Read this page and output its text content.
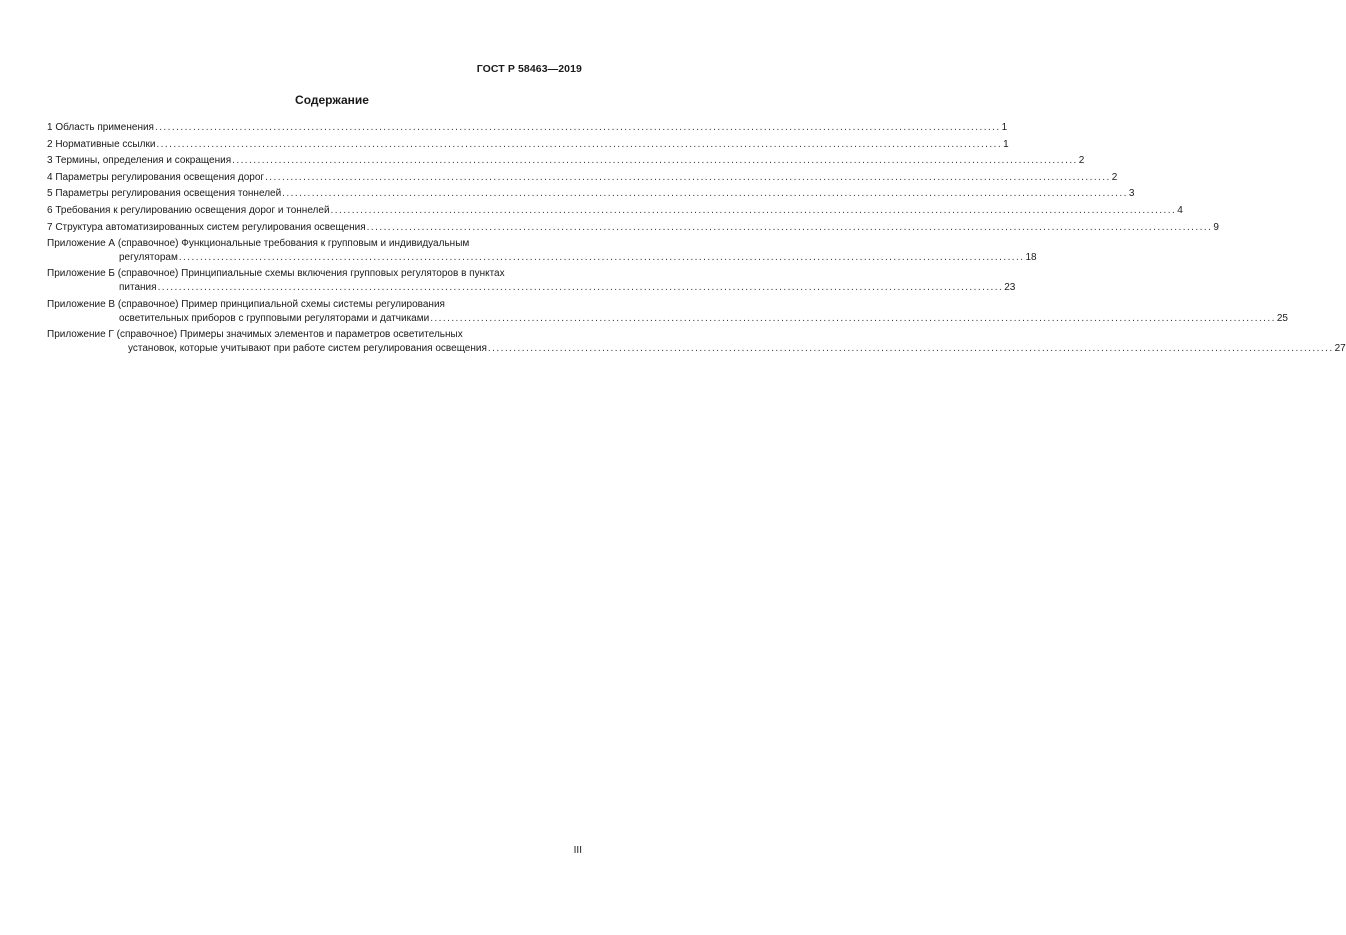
ГОСТ Р 58463—2019
Содержание
1 Область применения ........................................................................................................................................................................................................ 1
2 Нормативные ссылки ........................................................................................................................................................................................................ 1
3 Термины, определения и сокращения ........................................................................................................................................................................................................ 2
4 Параметры регулирования освещения дорог ........................................................................................................................................................................................................ 2
5 Параметры регулирования освещения тоннелей ........................................................................................................................................................................................................ 3
6 Требования к регулированию освещения дорог и тоннелей ........................................................................................................................................................................................................ 4
7 Структура автоматизированных систем регулирования освещения ........................................................................................................................................................................................................ 9
Приложение А (справочное) Функциональные требования к групповым и индивидуальным
регуляторам ........................................................................................................................................................................................................ 18
Приложение Б (справочное) Принципиальные схемы включения групповых регуляторов в пунктах
питания ........................................................................................................................................................................................................ 23
Приложение В (справочное) Пример принципиальной схемы системы регулирования
осветительных приборов с групповыми регуляторами и датчиками ........................................................................................................................................................................................................ 25
Приложение Г (справочное) Примеры значимых элементов и параметров осветительных
установок, которые учитывают при работе систем регулирования освещения ........................................................................................................................................................................................................ 27
III
